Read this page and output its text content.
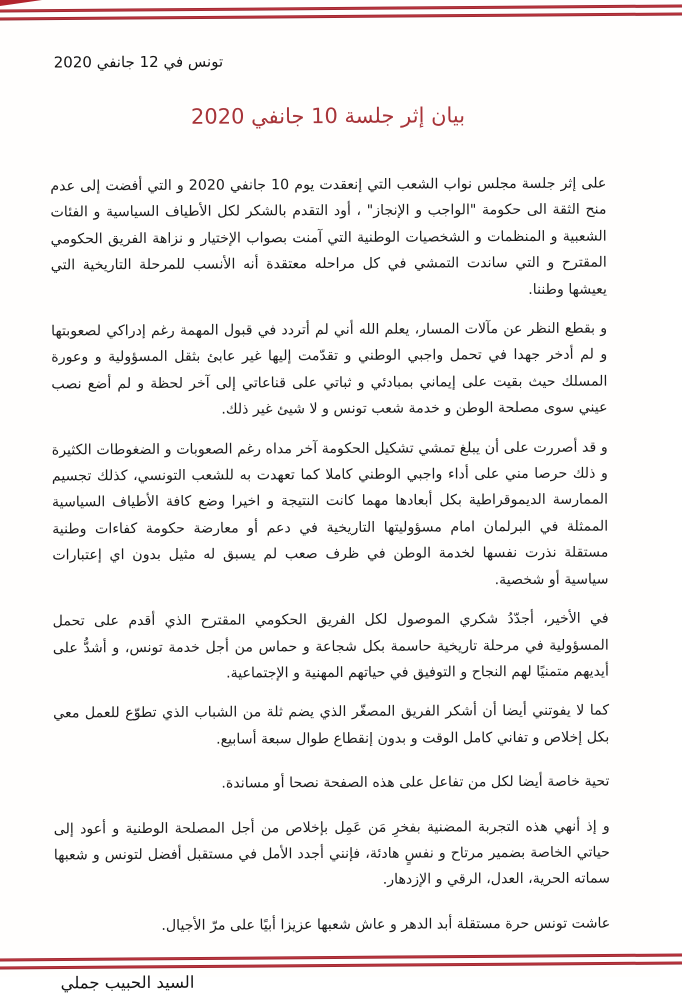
تونس في 12 جانفي 2020
بيان إثر جلسة 10 جانفي 2020

على إثر جلسة مجلس نواب الشعب التي إنعقدت يوم 10 جانفي 2020 و التي أفضت إلى عدم منح الثقة الى حكومة "الواجب و الإنجاز" ، أود التقدم بالشكر لكل الأطياف السياسية و الفئات الشعبية و المنظمات و الشخصيات الوطنية التي آمنت بصواب الإختيار و نزاهة الفريق الحكومي المقترح و التي ساندت التمشي في كل مراحله معتقدة أنه الأنسب للمرحلة التاريخية التي يعيشها وطننا.

و بقطع النظر عن مآلات المسار، يعلم الله أني لم أتردد في قبول المهمة رغم إدراكي لصعوبتها و لم أدخر جهدا في تحمل واجبي الوطني و تقدّمت إليها غير عابئ بثقل المسؤولية و وعورة المسلك حيث بقيت على إيماني بمبادئي و ثباتي على قناعاتي إلى آخر لحظة و لم أضع نصب عيني سوى مصلحة الوطن و خدمة شعب تونس و لا شيئ غير ذلك.

و قد أصررت على أن يبلغ تمشي تشكيل الحكومة آخر مداه رغم الصعوبات و الضغوطات الكثيرة و ذلك حرصا مني على أداء واجبي الوطني كاملا كما تعهدت به للشعب التونسي، كذلك تجسيم الممارسة الديموقراطية بكل أبعادها مهما كانت النتيجة و اخيرا وضع كافة الأطياف السياسية الممثلة في البرلمان امام مسؤوليتها التاريخية في دعم أو معارضة حكومة كفاءات وطنية مستقلة نذرت نفسها لخدمة الوطن في ظرف صعب لم يسبق له مثيل بدون اي إعتبارات سياسية أو شخصية.

في الأخير، أجدّدُ شكري الموصول لكل الفريق الحكومي المقترح الذي أقدم على تحمل المسؤولية في مرحلة تاريخية حاسمة بكل شجاعة و حماس من أجل خدمة تونس، و أشدُّ على أيديهم متمنيًا لهم النجاح و التوفيق في حياتهم المهنية و الإجتماعية.

كما لا يفوتني أيضا أن أشكر الفريق المصغّر الذي يضم ثلة من الشباب الذي تطوّع للعمل معي بكل إخلاص و تفاني كامل الوقت و بدون إنقطاع طوال سبعة أسابيع.

تحية خاصة أيضا لكل من تفاعل على هذه الصفحة نصحا أو مساندة.

و إذ أنهي هذه التجربة المضنية بفخرِ مَن عَمِل بإخلاص من أجل المصلحة الوطنية و أعود إلى حياتي الخاصة بضمير مرتاح و نفسٍ هادئة، فإنني أجدد الأمل في مستقبل أفضل لتونس و شعبها سماته الحرية، العدل، الرقي و الإزدهار.

عاشت تونس حرة مستقلة أبد الدهر و عاش شعبها عزيزا أبيًا على مرّ الأجيال.

السيد الحبيب جملي
